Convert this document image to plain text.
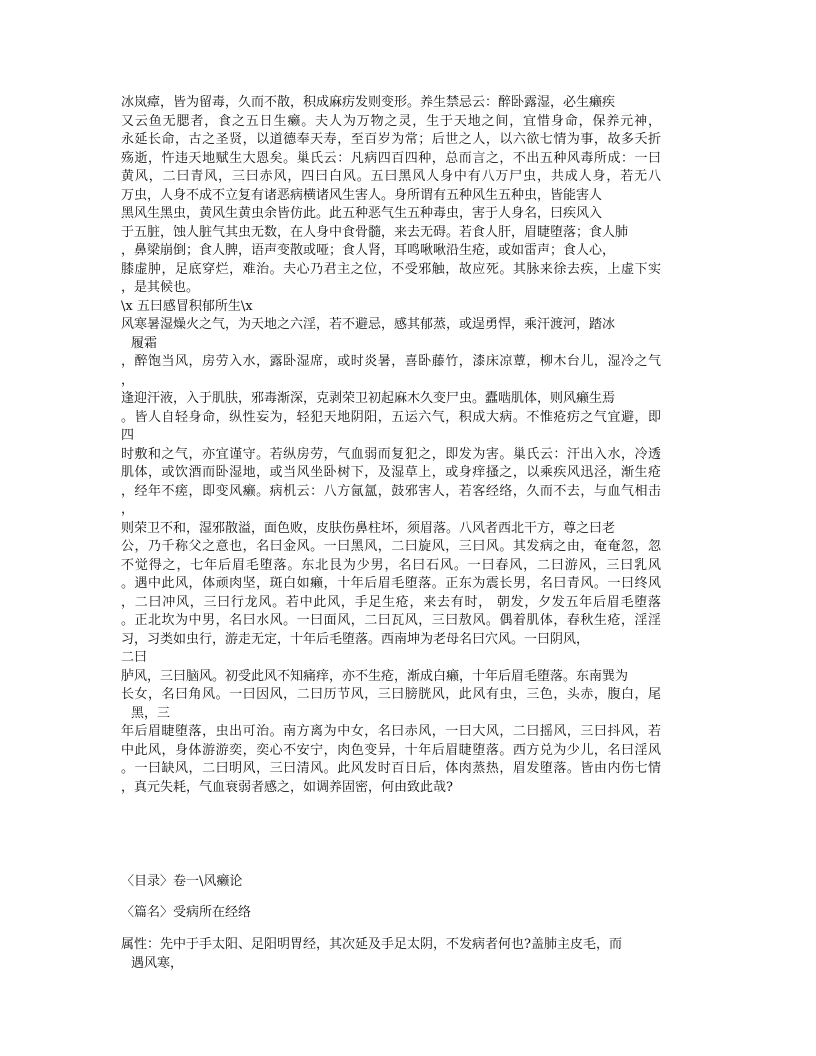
冰岚瘴，皆为留毒，久而不散，积成麻疠发则变形。养生禁忌云：醉卧露湿，必生癞疾
又云鱼无腮者，食之五日生癞。夫人为万物之灵，生于天地之间，宜惜身命，保养元神，
永延长命，古之圣贤，以道德奉天寿，至百岁为常；后世之人，以六欲七情为事，故多夭折
殇逝，忤违天地赋生大恩矣。巢氏云：凡病四百四种，总而言之，不出五种风毒所成：一曰
黄风，二曰青风，三曰赤风，四曰白风。五曰黑风人身中有八万尸虫，共成人身，若无八
万虫，人身不成不立复有诸恶病横诸风生害人。身所谓有五种风生五种虫，皆能害人
黑风生黑虫，黄风生黄虫余皆仿此。此五种恶气生五种毒虫，害于人身名，曰疾风入
于五脏，蚀人脏气其虫无数，在人身中食骨髓，来去无碍。若食人肝，眉睫堕落；食人肺
，鼻梁崩倒；食人脾，语声变散或哑；食人肾，耳鸣啾啾沿生疮，或如雷声；食人心，
膝虚肿，足底穿烂，难治。夫心乃君主之位，不受邪触，故应死。其脉来徐去疾，上虚下实
，是其候也。
\x 五曰感冒积郁所生\x
风寒暑湿燥火之气，为天地之六淫，若不避忌，感其郁蒸，或逞勇悍，乘汗渡河，踏冰
履霜
，醉饱当风，房劳入水，露卧湿席，或时炎暑，喜卧藤竹，漆床凉蕈，柳木台儿，湿冷之气
，
逢迎汗液，入于肌肤，邪毒渐深，克剥荣卫初起麻木久变尸虫。蠹啮肌体，则风癞生焉
。皆人自轻身命，纵性妄为，轻犯天地阴阳，五运六气，积成大病。不惟疮疠之气宜避，即
四
时敷和之气，亦宜谨守。若纵房劳，气血弱而复犯之，即发为害。巢氏云：汗出入水，冷透
肌体，或饮酒而卧湿地，或当风坐卧树下，及湿草上，或身痒搔之，以乘疾风迅泾，渐生疮
，经年不瘥，即变风癞。病机云：八方氤氲，鼓邪害人，若客经络，久而不去，与血气相击
，
则荣卫不和，湿邪散溢，面色败，皮肤伤鼻柱坏，须眉落。八风者西北干方，尊之曰老
公，乃千称父之意也，名曰金风。一曰黑风，二曰旋风，三曰风。其发病之由，奄奄忽，忽
不觉得之，七年后眉毛堕落。东北艮为少男，名曰石风。一曰春风，二曰游风，三曰乳风
。遇中此风，体顽肉坚，斑白如癞，十年后眉毛堕落。正东为震长男，名曰青风。一曰终风
，二曰冲风，三曰行龙风。若中此风，手足生疮，来去有时， 朝发，夕发五年后眉毛堕落
。正北坎为中男，名曰水风。一曰面风，二曰瓦风，三曰敖风。偶着肌体，春秋生疮，淫淫
习，习类如虫行，游走无定，十年后毛堕落。西南坤为老母名曰穴风。一曰阴风，
二曰
胪风，三曰脑风。初受此风不知痛痒，亦不生疮，渐成白癞，十年后眉毛堕落。东南巽为
长女，名曰角风。一曰因风，二曰历节风，三曰膀胱风，此风有虫，三色，头赤，腹白，尾
黑，三
年后眉睫堕落，虫出可治。南方离为中女，名曰赤风，一曰大风，二曰摇风，三曰抖风，若
中此风，身体游游奕，奕心不安宁，肉色变异，十年后眉睫堕落。西方兑为少儿，名曰淫风
。一曰缺风，二曰明风，三曰清风。此风发时百日后，体肉蒸热，眉发堕落。皆由内伤七情
，真元失耗，气血衰弱者感之，如调养固密，何由致此哉?
〈目录〉卷一\风癞论
〈篇名〉受病所在经络
属性：先中于手太阳、足阳明胃经，其次延及手足太阴，不发病者何也?盖肺主皮毛，而
遇风寒，
